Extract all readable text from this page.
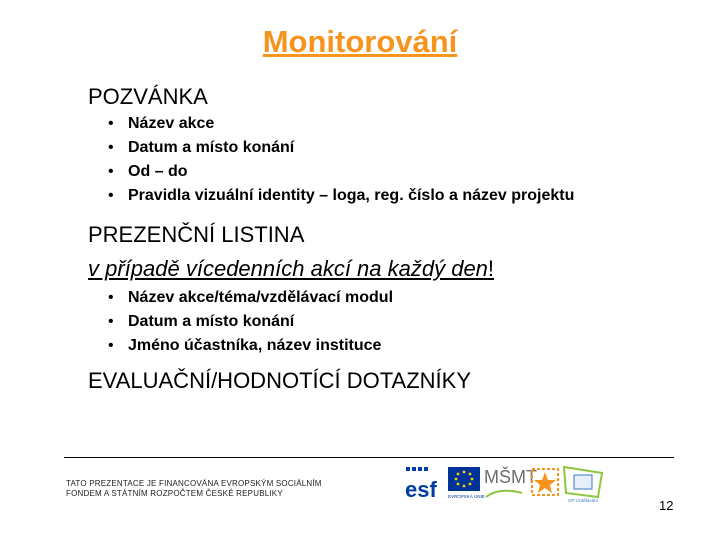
Monitorování
POZVÁNKA
• Název akce
• Datum a místo konání
• Od – do
• Pravidla vizuální identity – loga, reg. číslo a název projektu
PREZENČNÍ LISTINA
v případě vícedenních akcí na každý den!
• Název akce/téma/vzdělávací modul
• Datum a místo konání
• Jméno účastníka, název instituce
EVALUAČNÍ/HODNOTÍCÍ DOTAZNÍKY
TATO PREZENTACE JE FINANCOVÁNA EVROPSKÝM SOCIÁLNÍM
FONDEM A STÁTNÍM ROZPOČTEM ČESKÉ REPUBLIKY	esf EVROPSKÁ UNIE
MŠMT
OP Vzdělávání	12
